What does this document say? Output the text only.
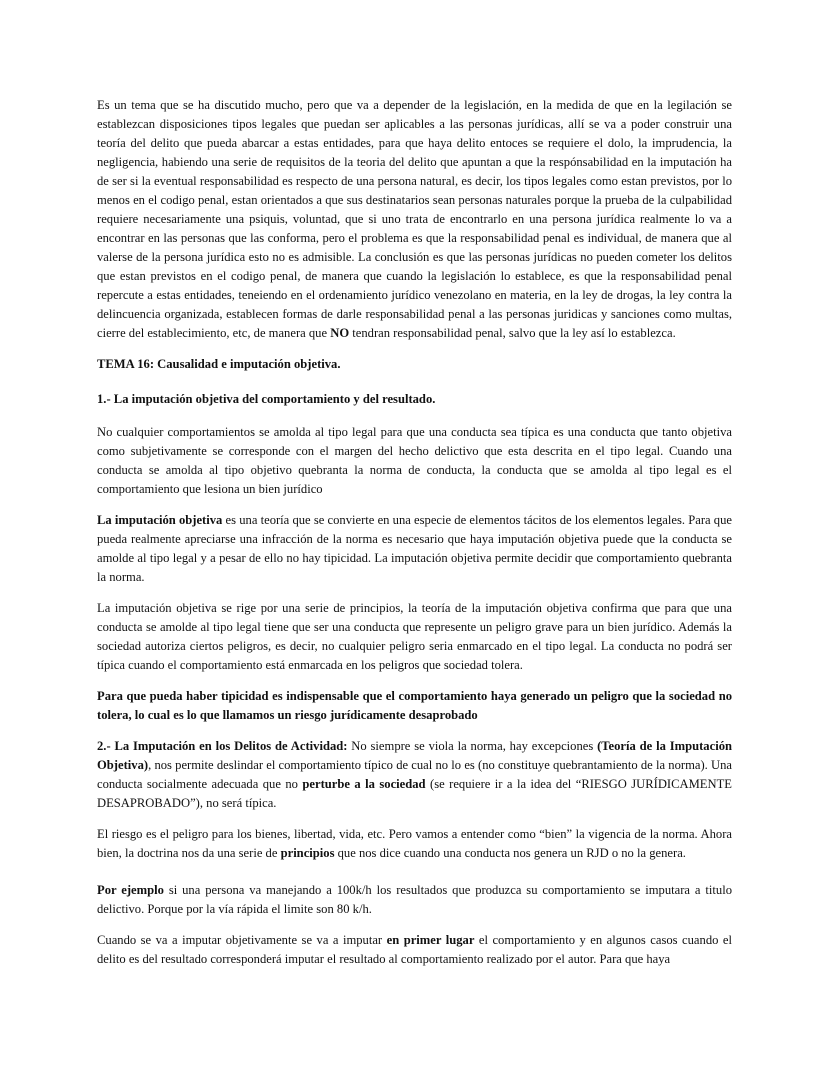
Es un tema que se ha discutido mucho, pero que va a depender de la legislación, en la medida de que en la legilación se establezcan disposiciones tipos legales que puedan ser aplicables a las personas jurídicas, allí se va a poder construir una teoría del delito que pueda abarcar a estas entidades, para que haya delito entoces se requiere el dolo, la imprudencia, la negligencia, habiendo una serie de requisitos de la teoria del delito que apuntan a que la respónsabilidad en la imputación ha de ser si la eventual responsabilidad es respecto de una persona natural, es decir, los tipos legales como estan previstos, por lo menos en el codigo penal, estan orientados a que sus destinatarios sean personas naturales porque la prueba de la culpabilidad requiere necesariamente una psiquis, voluntad, que si uno trata de encontrarlo en una persona jurídica realmente lo va a encontrar en las personas que las conforma, pero el problema es que la responsabilidad penal es individual, de manera que al valerse de la persona jurídica esto no es admisible. La conclusión es que las personas jurídicas no pueden cometer los delitos que estan previstos en el codigo penal, de manera que cuando la legislación lo establece, es que la responsabilidad penal repercute a estas entidades, teneiendo en el ordenamiento jurídico venezolano en materia, en la ley de drogas, la ley contra la delincuencia organizada, establecen formas de darle responsabilidad penal a las personas juridicas y sanciones como multas, cierre del establecimiento, etc, de manera que NO tendran responsabilidad penal, salvo que la ley así lo establezca.

TEMA 16: Causalidad e imputación objetiva.

1.- La imputación objetiva del comportamiento y del resultado.

No cualquier comportamientos se amolda al tipo legal para que una conducta sea típica es una conducta que tanto objetiva como subjetivamente se corresponde con el margen del hecho delictivo que esta descrita en el tipo legal. Cuando una conducta se amolda al tipo objetivo quebranta la norma de conducta, la conducta que se amolda al tipo legal es el comportamiento que lesiona un bien jurídico

La imputación objetiva es una teoría que se convierte en una especie de elementos tácitos de los elementos legales. Para que pueda realmente apreciarse una infracción de la norma es necesario que haya imputación objetiva puede que la conducta se amolde al tipo legal y a pesar de ello no hay tipicidad. La imputación objetiva permite decidir que comportamiento quebranta la norma.

La imputación objetiva se rige por una serie de principios, la teoría de la imputación objetiva confirma que para que una conducta se amolde al tipo legal tiene que ser una conducta que represente un peligro grave para un bien jurídico. Además la sociedad autoriza ciertos peligros, es decir, no cualquier peligro seria enmarcado en el tipo legal. La conducta no podrá ser típica cuando el comportamiento está enmarcada en los peligros que sociedad tolera.

Para que pueda haber tipicidad es indispensable que el comportamiento haya generado un peligro que la sociedad no tolera, lo cual es lo que llamamos un riesgo jurídicamente desaprobado

2.- La Imputación en los Delitos de Actividad: No siempre se viola la norma, hay excepciones (Teoría de la Imputación Objetiva), nos permite deslindar el comportamiento típico de cual no lo es (no constituye quebrantamiento de la norma). Una conducta socialmente adecuada que no perturbe a la sociedad (se requiere ir a la idea del “RIESGO JURÍDICAMENTE DESAPROBADO”), no será típica.

El riesgo es el peligro para los bienes, libertad, vida, etc. Pero vamos a entender como “bien” la vigencia de la norma. Ahora bien, la doctrina nos da una serie de principios que nos dice cuando una conducta nos genera un RJD o no la genera.

Por ejemplo si una persona va manejando a 100k/h los resultados que produzca su comportamiento se imputara a titulo delictivo. Porque por la vía rápida el limite son 80 k/h.

Cuando se va a imputar objetivamente se va a imputar en primer lugar el comportamiento y en algunos casos cuando el delito es del resultado corresponderá imputar el resultado al comportamiento realizado por el autor. Para que haya
